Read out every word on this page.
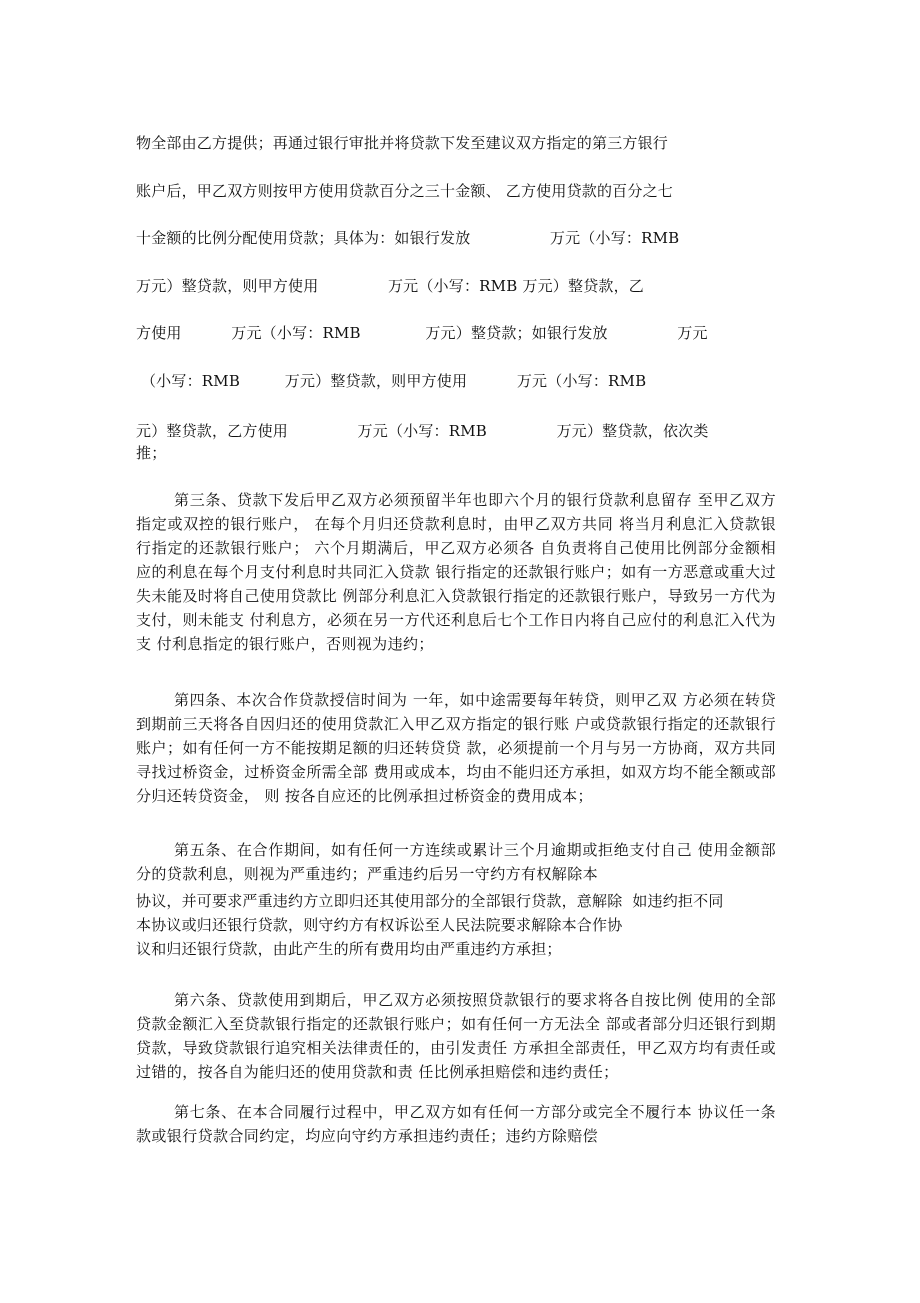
物全部由乙方提供；再通过银行审批并将贷款下发至建议双方指定的第三方银行
账户后，甲乙双方则按甲方使用贷款百分之三十金额、 乙方使用贷款的百分之七
十金额的比例分配使用贷款；具体为：如银行发放                万元（小写：RMB
万元）整贷款，则甲方使用              万元（小写：RMB 万元）整贷款，乙
方使用          万元（小写：RMB             万元）整贷款；如银行发放              万元
（小写：RMB         万元）整贷款，则甲方使用          万元（小写：RMB
元）整贷款，乙方使用              万元（小写：RMB              万元）整贷款，依次类
推；
第三条、贷款下发后甲乙双方必须预留半年也即六个月的银行贷款利息留存 至甲乙双方指定或双控的银行账户， 在每个月归还贷款利息时，由甲乙双方共同 将当月利息汇入贷款银行指定的还款银行账户； 六个月期满后，甲乙双方必须各 自负责将自己使用比例部分金额相应的利息在每个月支付利息时共同汇入贷款 银行指定的还款银行账户；如有一方恶意或重大过失未能及时将自己使用贷款比 例部分利息汇入贷款银行指定的还款银行账户，导致另一方代为支付，则未能支 付利息方，必须在另一方代还利息后七个工作日内将自己应付的利息汇入代为支 付利息指定的银行账户，否则视为违约；
第四条、本次合作贷款授信时间为 一年，如中途需要每年转贷，则甲乙双 方必须在转贷到期前三天将各自因归还的使用贷款汇入甲乙双方指定的银行账 户或贷款银行指定的还款银行账户；如有任何一方不能按期足额的归还转贷贷 款，必须提前一个月与另一方协商，双方共同寻找过桥资金，过桥资金所需全部 费用或成本，均由不能归还方承担，如双方均不能全额或部分归还转贷资金， 则 按各自应还的比例承担过桥资金的费用成本；
第五条、在合作期间，如有任何一方连续或累计三个月逾期或拒绝支付自己 使用金额部分的贷款利息，则视为严重违约；严重违约后另一守约方有权解除本
协议，并可要求严重违约方立即归还其使用部分的全部银行贷款，意解除  如违约拒不同
本协议或归还银行贷款，则守约方有权诉讼至人民法院要求解除本合作协
议和归还银行贷款，由此产生的所有费用均由严重违约方承担；
第六条、贷款使用到期后，甲乙双方必须按照贷款银行的要求将各自按比例 使用的全部贷款金额汇入至贷款银行指定的还款银行账户；如有任何一方无法全 部或者部分归还银行到期贷款，导致贷款银行追究相关法律责任的，由引发责任 方承担全部责任，甲乙双方均有责任或过错的，按各自为能归还的使用贷款和责 任比例承担赔偿和违约责任；
第七条、在本合同履行过程中，甲乙双方如有任何一方部分或完全不履行本 协议任一条款或银行贷款合同约定，均应向守约方承担违约责任；违约方除赔偿
